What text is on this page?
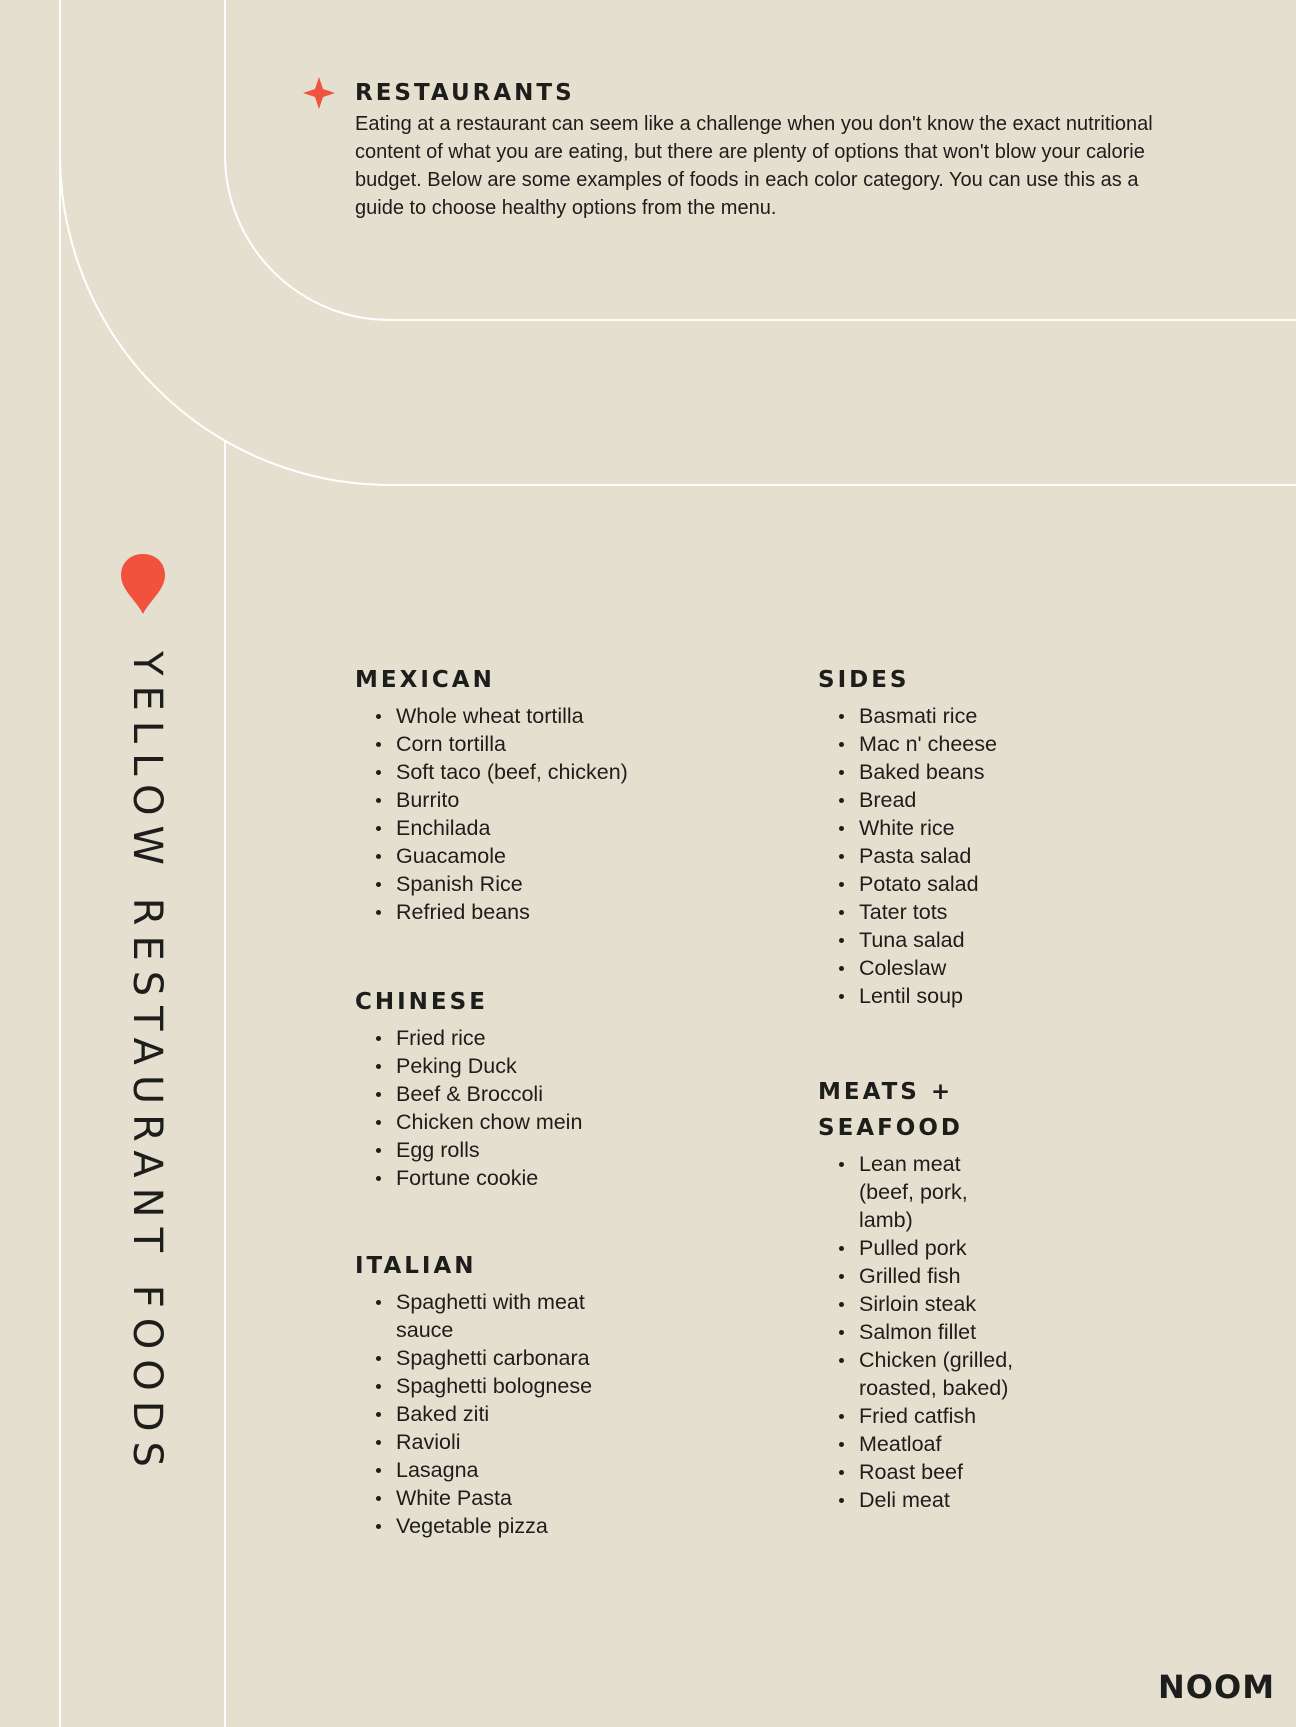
RESTAURANTS

Eating at a restaurant can seem like a challenge when you don't know the exact nutritional content of what you are eating, but there are plenty of options that won't blow your calorie budget. Below are some examples of foods in each color category. You can use this as a guide to choose healthy options from the menu.

YELLOW RESTAURANT FOODS	MEXICAN
Whole wheat tortilla
Corn tortilla
Soft taco (beef, chicken)
Burrito
Enchilada
Guacamole
Spanish Rice
Refried beans
CHINESE
Fried rice
Peking Duck
Beef & Broccoli
Chicken chow mein
Egg rolls
Fortune cookie
ITALIAN
Spaghetti with meat sauce
Spaghetti carbonara
Spaghetti bolognese
Baked ziti
Ravioli
Lasagna
White Pasta
Vegetable pizza
SIDES
Basmati rice
Mac n' cheese
Baked beans
Bread
White rice
Pasta salad
Potato salad
Tater tots
Tuna salad
Coleslaw
Lentil soup
MEATS + SEAFOOD
Lean meat (beef, pork, lamb)
Pulled pork
Grilled fish
Sirloin steak
Salmon fillet
Chicken (grilled, roasted, baked)
Fried catfish
Meatloaf
Roast beef
Deli meat
NOOM
